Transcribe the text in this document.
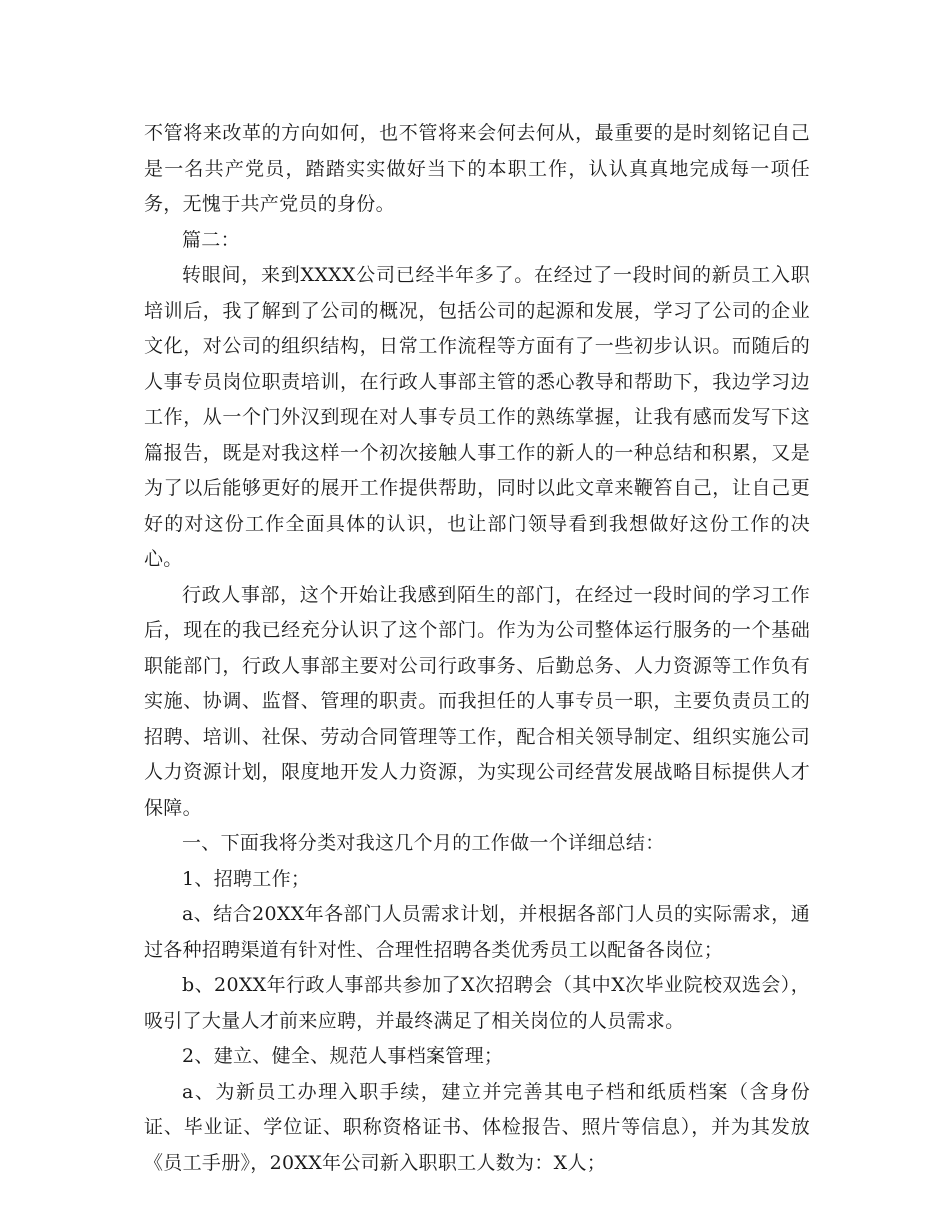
不管将来改革的方向如何，也不管将来会何去何从，最重要的是时刻铭记自己是一名共产党员，踏踏实实做好当下的本职工作，认认真真地完成每一项任务，无愧于共产党员的身份。

篇二：

转眼间，来到XXXX公司已经半年多了。在经过了一段时间的新员工入职培训后，我了解到了公司的概况，包括公司的起源和发展，学习了公司的企业文化，对公司的组织结构，日常工作流程等方面有了一些初步认识。而随后的人事专员岗位职责培训，在行政人事部主管的悉心教导和帮助下，我边学习边工作，从一个门外汉到现在对人事专员工作的熟练掌握，让我有感而发写下这篇报告，既是对我这样一个初次接触人事工作的新人的一种总结和积累，又是为了以后能够更好的展开工作提供帮助，同时以此文章来鞭笞自己，让自己更好的对这份工作全面具体的认识，也让部门领导看到我想做好这份工作的决心。

行政人事部，这个开始让我感到陌生的部门，在经过一段时间的学习工作后，现在的我已经充分认识了这个部门。作为为公司整体运行服务的一个基础职能部门，行政人事部主要对公司行政事务、后勤总务、人力资源等工作负有实施、协调、监督、管理的职责。而我担任的人事专员一职，主要负责员工的招聘、培训、社保、劳动合同管理等工作，配合相关领导制定、组织实施公司人力资源计划，限度地开发人力资源，为实现公司经营发展战略目标提供人才保障。

一、下面我将分类对我这几个月的工作做一个详细总结：

1、招聘工作；

a、结合20XX年各部门人员需求计划，并根据各部门人员的实际需求，通过各种招聘渠道有针对性、合理性招聘各类优秀员工以配备各岗位；

b、20XX年行政人事部共参加了X次招聘会（其中X次毕业院校双选会），吸引了大量人才前来应聘，并最终满足了相关岗位的人员需求。

2、建立、健全、规范人事档案管理；

a、为新员工办理入职手续，建立并完善其电子档和纸质档案（含身份证、毕业证、学位证、职称资格证书、体检报告、照片等信息），并为其发放《员工手册》，20XX年公司新入职职工人数为：X人；
